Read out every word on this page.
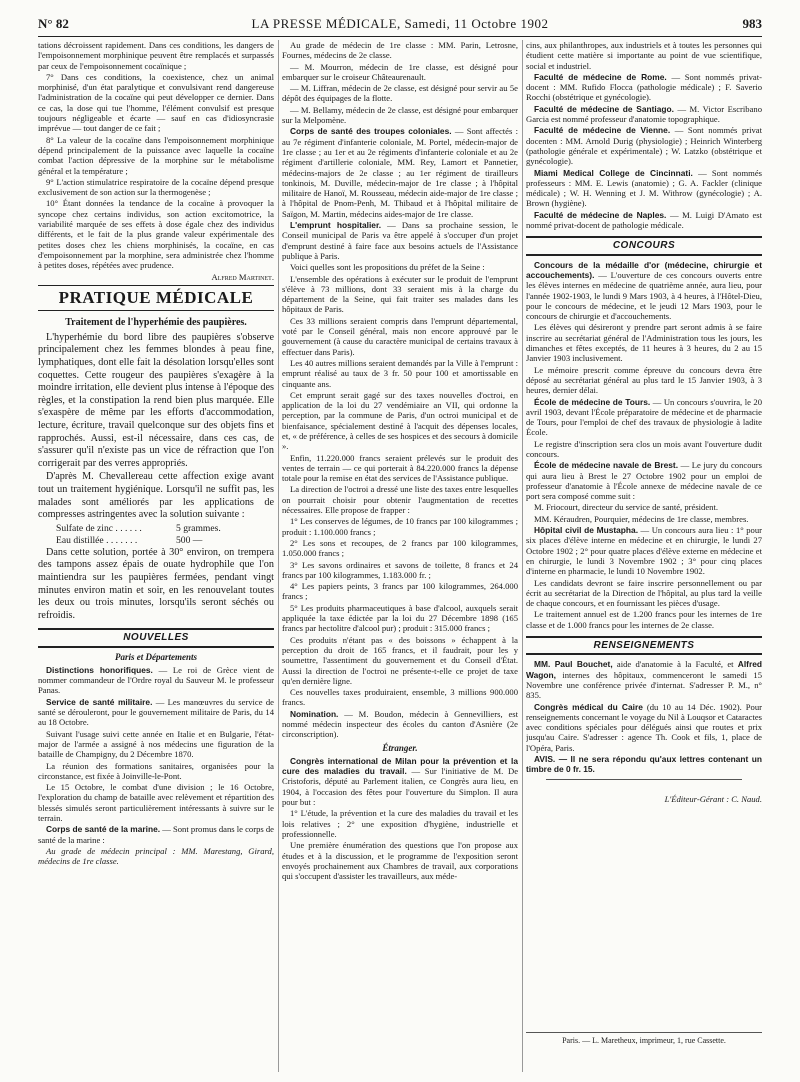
N° 82	LA PRESSE MÉDICALE, Samedi, 11 Octobre 1902	983

tations décroissent rapidement. Dans ces conditions, les dangers de l'empoisonnement morphinique peuvent être remplacés et surpassés par ceux de l'empoisonnement cocaïnique ;

7° Dans ces conditions, la coexistence, chez un animal morphinisé, d'un état paralytique et convulsivant rend dangereuse l'administration de la cocaïne qui peut développer ce dernier. Dans ce cas, la dose qui tue l'homme, l'élément convulsif est presque toujours négligeable et écarte — sauf en cas d'idiosyncrasie imprévue — tout danger de ce fait ;

8° La valeur de la cocaïne dans l'empoisonnement morphinique dépend principalement de la puissance avec laquelle la cocaïne combat l'action dépressive de la morphine sur le métabolisme général et la température ;

9° L'action stimulatrice respiratoire de la cocaïne dépend presque exclusivement de son action sur la thermogenèse ;

10° Étant données la tendance de la cocaïne à provoquer la syncope chez certains individus, son action excitomotrice, la variabilité marquée de ses effets à dose égale chez des individus différents, et le fait de la plus grande valeur expérimentale des petites doses chez les chiens morphinisés, la cocaïne, en cas d'empoisonnement par la morphine, sera administrée chez l'homme à petites doses, répétées avec prudence.

Alfred Martinet.
PRATIQUE MÉDICALE
Traitement de l'hyperhémie des paupières.

L'hyperhémie du bord libre des paupières s'observe principalement chez les femmes blondes à peau fine, lymphatiques, dont elle fait la désolation lorsqu'elles sont coquettes. Cette rougeur des paupières s'exagère à la moindre irritation, elle devient plus intense à l'époque des règles, et la constipation la rend bien plus marquée. Elle s'exaspère de même par les efforts d'accommodation, lecture, écriture, travail quelconque sur des objets fins et rapprochés. Aussi, est-il nécessaire, dans ces cas, de s'assurer qu'il n'existe pas un vice de réfraction que l'on corrigerait par des verres appropriés.

D'après M. Chevallereau cette affection exige avant tout un traitement hygiénique. Lorsqu'il ne suffit pas, les malades sont améliorés par les applications de compresses astringentes avec la solution suivante :

Sulfate de zinc . . . . . .	5 grammes.
Eau distillée . . . . . . .	500 —

Dans cette solution, portée à 30° environ, on trempera des tampons assez épais de ouate hydrophile que l'on maintiendra sur les paupières fermées, pendant vingt minutes environ matin et soir, en les renouvelant toutes les deux ou trois minutes, lorsqu'ils seront séchés ou refroidis.

NOUVELLES
Paris et Départements

Distinctions honorifiques. — Le roi de Grèce vient de nommer commandeur de l'Ordre royal du Sauveur M. le professeur Panas.

Service de santé militaire. — Les manœuvres du service de santé se dérouleront, pour le gouvernement militaire de Paris, du 14 au 18 Octobre.

Suivant l'usage suivi cette année en Italie et en Bulgarie, l'état-major de l'armée a assigné à nos médecins une figuration de la bataille de Champigny, du 2 Décembre 1870.

La réunion des formations sanitaires, organisées pour la circonstance, est fixée à Joinville-le-Pont.

Le 15 Octobre, le combat d'une division ; le 16 Octobre, l'exploration du champ de bataille avec relèvement et répartition des blessés simulés seront particulièrement intéressants à suivre sur le terrain.

Corps de santé de la marine. — Sont promus dans le corps de santé de la marine :

Au grade de médecin principal : MM. Marestang, Girard, médecins de 1re classe.

Au grade de médecin de 1re classe : MM. Parin, Letrosne, Fournes, médecins de 2e classe.

— M. Mourron, médecin de 1re classe, est désigné pour embarquer sur le croiseur Châteaurenault.

— M. Liffran, médecin de 2e classe, est désigné pour servir au 5e dépôt des équipages de la flotte.

— M. Bellamy, médecin de 2e classe, est désigné pour embarquer sur la Melpomène.

Corps de santé des troupes coloniales. — Sont affectés : au 7e régiment d'infanterie coloniale, M. Portel, médecin-major de 1re classe ; au 1er et au 2e régiments d'infanterie coloniale et au 2e régiment d'artillerie coloniale, MM. Rey, Lamort et Pannetier, médecins-majors de 2e classe ; au 1er régiment de tirailleurs tonkinois, M. Duville, médecin-major de 1re classe ; à l'hôpital militaire de Hanoï, M. Rousseau, médecin aide-major de 1re classe ; à l'hôpital de Pnom-Penh, M. Thibaud et à l'hôpital militaire de Saïgon, M. Martin, médecins aides-major de 1re classe.

L'emprunt hospitalier. — Dans sa prochaine session, le Conseil municipal de Paris va être appelé à s'occuper d'un projet d'emprunt destiné à faire face aux besoins actuels de l'Assistance publique à Paris.

Voici quelles sont les propositions du préfet de la Seine :

L'ensemble des opérations à exécuter sur le produit de l'emprunt s'élève à 73 millions, dont 33 seraient mis à la charge du département de la Seine, qui fait traiter ses malades dans les hôpitaux de Paris.

Ces 33 millions seraient compris dans l'emprunt départemental, voté par le Conseil général, mais non encore approuvé par le gouvernement (à cause du caractère municipal de certains travaux à effectuer dans Paris).

Les 40 autres millions seraient demandés par la Ville à l'emprunt : emprunt réalisé au taux de 3 fr. 50 pour 100 et amortissable en cinquante ans.

Cet emprunt serait gagé sur des taxes nouvelles d'octroi, en application de la loi du 27 vendémiaire an VII, qui ordonne la perception, par la commune de Paris, d'un octroi municipal et de bienfaisance, spécialement destiné à l'acquit des dépenses locales, et, « de préférence, à celles de ses hospices et des secours à domicile ».

Enfin, 11.220.000 francs seraient prélevés sur le produit des ventes de terrain — ce qui porterait à 84.220.000 francs la dépense totale pour la remise en état des services de l'Assistance publique.

La direction de l'octroi a dressé une liste des taxes entre lesquelles on pourrait choisir pour obtenir l'augmentation de recettes nécessaires. Elle propose de frapper :

1° Les conserves de légumes, de 10 francs par 100 kilogrammes ; produit : 1.100.000 francs ;

2° Les sons et recoupes, de 2 francs par 100 kilogrammes, 1.050.000 francs ;

3° Les savons ordinaires et savons de toilette, 8 francs et 24 francs par 100 kilogrammes, 1.183.000 fr. ;

4° Les papiers peints, 3 francs par 100 kilogrammes, 264.000 francs ;

5° Les produits pharmaceutiques à base d'alcool, auxquels serait appliquée la taxe édictée par la loi du 27 Décembre 1898 (165 francs par hectolitre d'alcool pur) ; produit : 315.000 francs ;

Ces produits n'étant pas « des boissons » échappent à la perception du droit de 165 francs, et il faudrait, pour les y soumettre, l'assentiment du gouvernement et du Conseil d'État. Aussi la direction de l'octroi ne présente-t-elle ce projet de taxe qu'en dernière ligne.

Ces nouvelles taxes produiraient, ensemble, 3 millions 900.000 francs.

Nomination. — M. Boudon, médecin à Gennevilliers, est nommé médecin inspecteur des écoles du canton d'Asnière (2e circonscription).

Étranger.

Congrès international de Milan pour la prévention et la cure des maladies du travail. — Sur l'initiative de M. De Cristoforis, député au Parlement italien, ce Congrès aura lieu, en 1904, à l'occasion des fêtes pour l'ouverture du Simplon. Il aura pour but :

1° L'étude, la prévention et la cure des maladies du travail et les lois relatives ; 2° une exposition d'hygiène, industrielle et professionnelle.

Une première énumération des questions que l'on propose aux études et à la discussion, et le programme de l'exposition seront envoyés prochainement aux Chambres de travail, aux corporations qui s'occupent d'assister les travailleurs, aux méde-

cins, aux philanthropes, aux industriels et à toutes les personnes qui étudient cette matière si importante au point de vue scientifique, social et industriel.

Faculté de médecine de Rome. — Sont nommés privat-docent : MM. Rufido Flocca (pathologie médicale) ; F. Saverio Rocchi (obstétrique et gynécologie).

Faculté de médecine de Santiago. — M. Victor Escribano Garcia est nommé professeur d'anatomie topographique.

Faculté de médecine de Vienne. — Sont nommés privat docenten : MM. Arnold Durig (physiologie) ; Heinrich Winterberg (pathologie générale et expérimentale) ; W. Latzko (obstétrique et gynécologie).

Miami Medical College de Cincinnati. — Sont nommés professeurs : MM. E. Lewis (anatomie) ; G. A. Fackler (clinique médicale) ; W. H. Wenning et J. M. Withrow (gynécologie) ; A. Brown (hygiène).

Faculté de médecine de Naples. — M. Luigi D'Amato est nommé privat-docent de pathologie médicale.

CONCOURS

Concours de la médaille d'or (médecine, chirurgie et accouchements). — L'ouverture de ces concours ouverts entre les élèves internes en médecine de quatrième année, aura lieu, pour l'année 1902-1903, le lundi 9 Mars 1903, à 4 heures, à l'Hôtel-Dieu, pour le concours de médecine, et le jeudi 12 Mars 1903, pour le concours de chirurgie et d'accouchements.

Les élèves qui désireront y prendre part seront admis à se faire inscrire au secrétariat général de l'Administration tous les jours, les dimanches et fêtes exceptés, de 11 heures à 3 heures, du 2 au 15 Janvier 1903 inclusivement.

Le mémoire prescrit comme épreuve du concours devra être déposé au secrétariat général au plus tard le 15 Janvier 1903, à 3 heures, dernier délai.

École de médecine de Tours. — Un concours s'ouvrira, le 20 avril 1903, devant l'École préparatoire de médecine et de pharmacie de Tours, pour l'emploi de chef des travaux de physiologie à ladite École.

Le registre d'inscription sera clos un mois avant l'ouverture dudit concours.

École de médecine navale de Brest. — Le jury du concours qui aura lieu à Brest le 27 Octobre 1902 pour un emploi de professeur d'anatomie à l'École annexe de médecine navale de ce port sera composé comme suit :

M. Friocourt, directeur du service de santé, président.

MM. Kéraudren, Pourquier, médecins de 1re classe, membres.

Hôpital civil de Mustapha. — Un concours aura lieu : 1° pour six places d'élève interne en médecine et en chirurgie, le lundi 27 Octobre 1902 ; 2° pour quatre places d'élève externe en médecine et en chirurgie, le lundi 3 Novembre 1902 ; 3° pour cinq places d'interne en pharmacie, le lundi 10 Novembre 1902.

Les candidats devront se faire inscrire personnellement ou par écrit au secrétariat de la Direction de l'hôpital, au plus tard la veille de chaque concours, et en fournissant les pièces d'usage.

Le traitement annuel est de 1.200 francs pour les internes de 1re classe et de 1.000 francs pour les internes de 2e classe.

RENSEIGNEMENTS

MM. Paul Bouchet, aide d'anatomie à la Faculté, et Alfred Wagon, internes des hôpitaux, commenceront le samedi 15 Novembre une conférence privée d'internat. S'adresser P. M., n° 835.

Congrès médical du Caire (du 10 au 14 Déc. 1902). Pour renseignements concernant le voyage du Nil à Louqsor et Cataractes avec conditions spéciales pour délégués ainsi que routes et prix jusqu'au Caire. S'adresser : agence Th. Cook et fils, 1, place de l'Opéra, Paris.

AVIS. — Il ne sera répondu qu'aux lettres contenant un timbre de 0 fr. 15.

L'Éditeur-Gérant : C. Naud.
Paris. — L. Maretheux, imprimeur, 1, rue Cassette.
